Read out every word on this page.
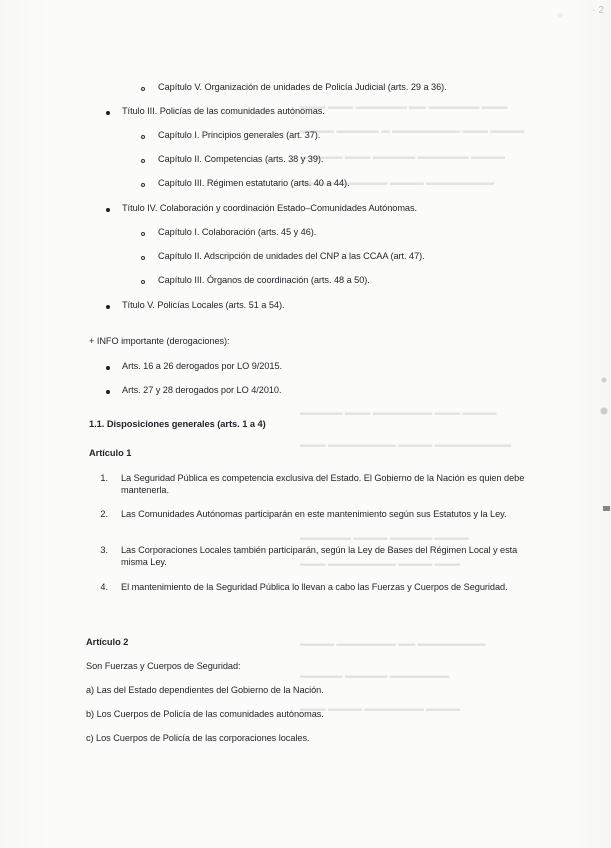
· 2
▬▬▬ ▬▬▬ ▬▬▬▬▬▬ ▬▬ ▬▬▬▬▬▬ ▬▬▬
▬▬▬▬ ▬▬▬▬▬ ▬ ▬▬▬▬▬▬▬▬ ▬▬▬ ▬▬▬▬
▬▬▬▬▬ ▬▬▬ ▬▬▬▬▬ ▬▬▬▬▬▬ ▬▬▬▬
▬▬▬ ▬▬▬▬▬▬▬ ▬▬▬▬ ▬▬▬▬▬▬▬▬
▬▬▬▬▬ ▬▬▬ ▬▬▬▬▬▬▬ ▬▬▬ ▬▬▬▬
▬▬▬ ▬▬▬▬▬▬▬▬ ▬▬▬▬ ▬▬▬▬▬▬▬▬▬
▬▬▬▬▬▬ ▬▬▬▬ ▬▬▬▬▬ ▬▬▬▬
▬▬▬ ▬▬▬▬▬▬▬▬ ▬▬▬▬ ▬▬▬
▬▬▬▬ ▬▬▬▬▬▬▬ ▬▬ ▬▬▬▬▬▬▬▬
▬▬▬▬▬ ▬▬▬▬▬ ▬▬▬▬▬▬▬
▬▬▬ ▬▬▬▬ ▬▬▬▬▬▬▬ ▬▬▬▬
Capítulo V. Organización de unidades de Policía Judicial (arts. 29 a 36).
Título III. Policías de las comunidades autónomas.
Capítulo I. Principios generales (art. 37).
Capítulo II. Competencias (arts. 38 y 39).
Capítulo III. Régimen estatutario (arts. 40 a 44).
Título IV. Colaboración y coordinación Estado–Comunidades Autónomas.
Capítulo I. Colaboración (arts. 45 y 46).
Capítulo II. Adscripción de unidades del CNP a las CCAA (art. 47).
Capítulo III. Órganos de coordinación (arts. 48 a 50).
Título V. Policías Locales (arts. 51 a 54).
+ INFO importante (derogaciones):
Arts. 16 a 26 derogados por LO 9/2015.
Arts. 27 y 28 derogados por LO 4/2010.
1.1. Disposiciones generales (arts. 1 a 4)
Artículo 1
1. La Seguridad Pública es competencia exclusiva del Estado. El Gobierno de la Nación es quien debe mantenerla.
2. Las Comunidades Autónomas participarán en este mantenimiento según sus Estatutos y la Ley.
3. Las Corporaciones Locales también participarán, según la Ley de Bases del Régimen Local y esta misma Ley.
4. El mantenimiento de la Seguridad Pública lo llevan a cabo las Fuerzas y Cuerpos de Seguridad.
Artículo 2
Son Fuerzas y Cuerpos de Seguridad:
a) Las del Estado dependientes del Gobierno de la Nación.
b) Los Cuerpos de Policía de las comunidades autónomas.
c) Los Cuerpos de Policía de las corporaciones locales.
